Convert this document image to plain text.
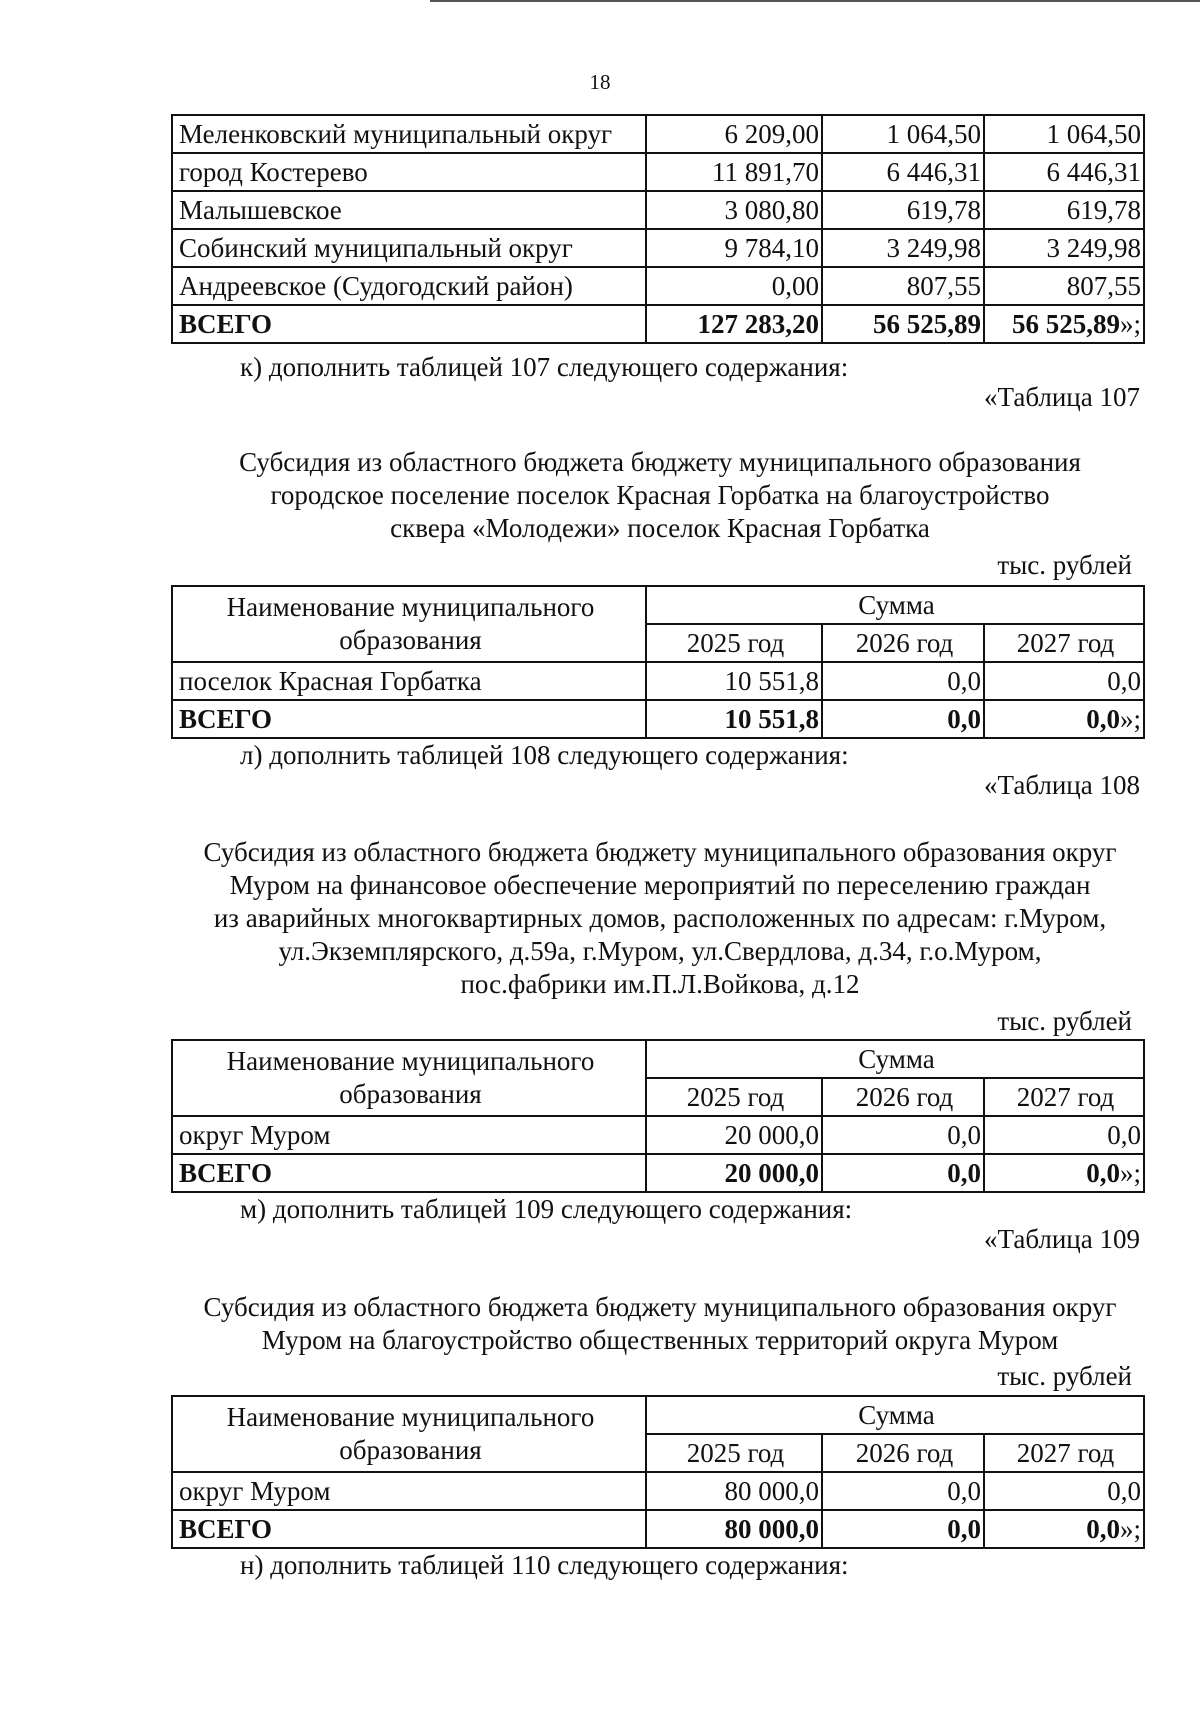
18
Меленковский муниципальный округ	6 209,00	1 064,50	1 064,50
город Костерево	11 891,70	6 446,31	6 446,31
Малышевское	3 080,80	619,78	619,78
Собинский муниципальный округ	9 784,10	3 249,98	3 249,98
Андреевское (Судогодский район)	0,00	807,55	807,55
ВСЕГО	127 283,20	56 525,89	56 525,89»;
к) дополнить таблицей 107 следующего содержания:
«Таблица 107
Субсидия из областного бюджета бюджету муниципального образования
городское поселение поселок Красная Горбатка на благоустройство
сквера «Молодежи» поселок Красная Горбатка
тыс. рублей
Наименование муниципального
образования	Сумма		
	2025 год	2026 год	2027 год
поселок Красная Горбатка	10 551,8	0,0	0,0
ВСЕГО	10 551,8	0,0	0,0»;
л) дополнить таблицей 108 следующего содержания:
«Таблица 108
Субсидия из областного бюджета бюджету муниципального образования округ
Муром на финансовое обеспечение мероприятий по переселению граждан
из аварийных многоквартирных домов, расположенных по адресам: г.Муром,
ул.Экземплярского, д.59а, г.Муром, ул.Свердлова, д.34, г.о.Муром,
пос.фабрики им.П.Л.Войкова, д.12
тыс. рублей
Наименование муниципального
образования	Сумма		
	2025 год	2026 год	2027 год
округ Муром	20 000,0	0,0	0,0
ВСЕГО	20 000,0	0,0	0,0»;
м) дополнить таблицей 109 следующего содержания:
«Таблица 109
Субсидия из областного бюджета бюджету муниципального образования округ
Муром на благоустройство общественных территорий округа Муром
тыс. рублей
Наименование муниципального
образования	Сумма		
	2025 год	2026 год	2027 год
округ Муром	80 000,0	0,0	0,0
ВСЕГО	80 000,0	0,0	0,0»;
н) дополнить таблицей 110 следующего содержания:
